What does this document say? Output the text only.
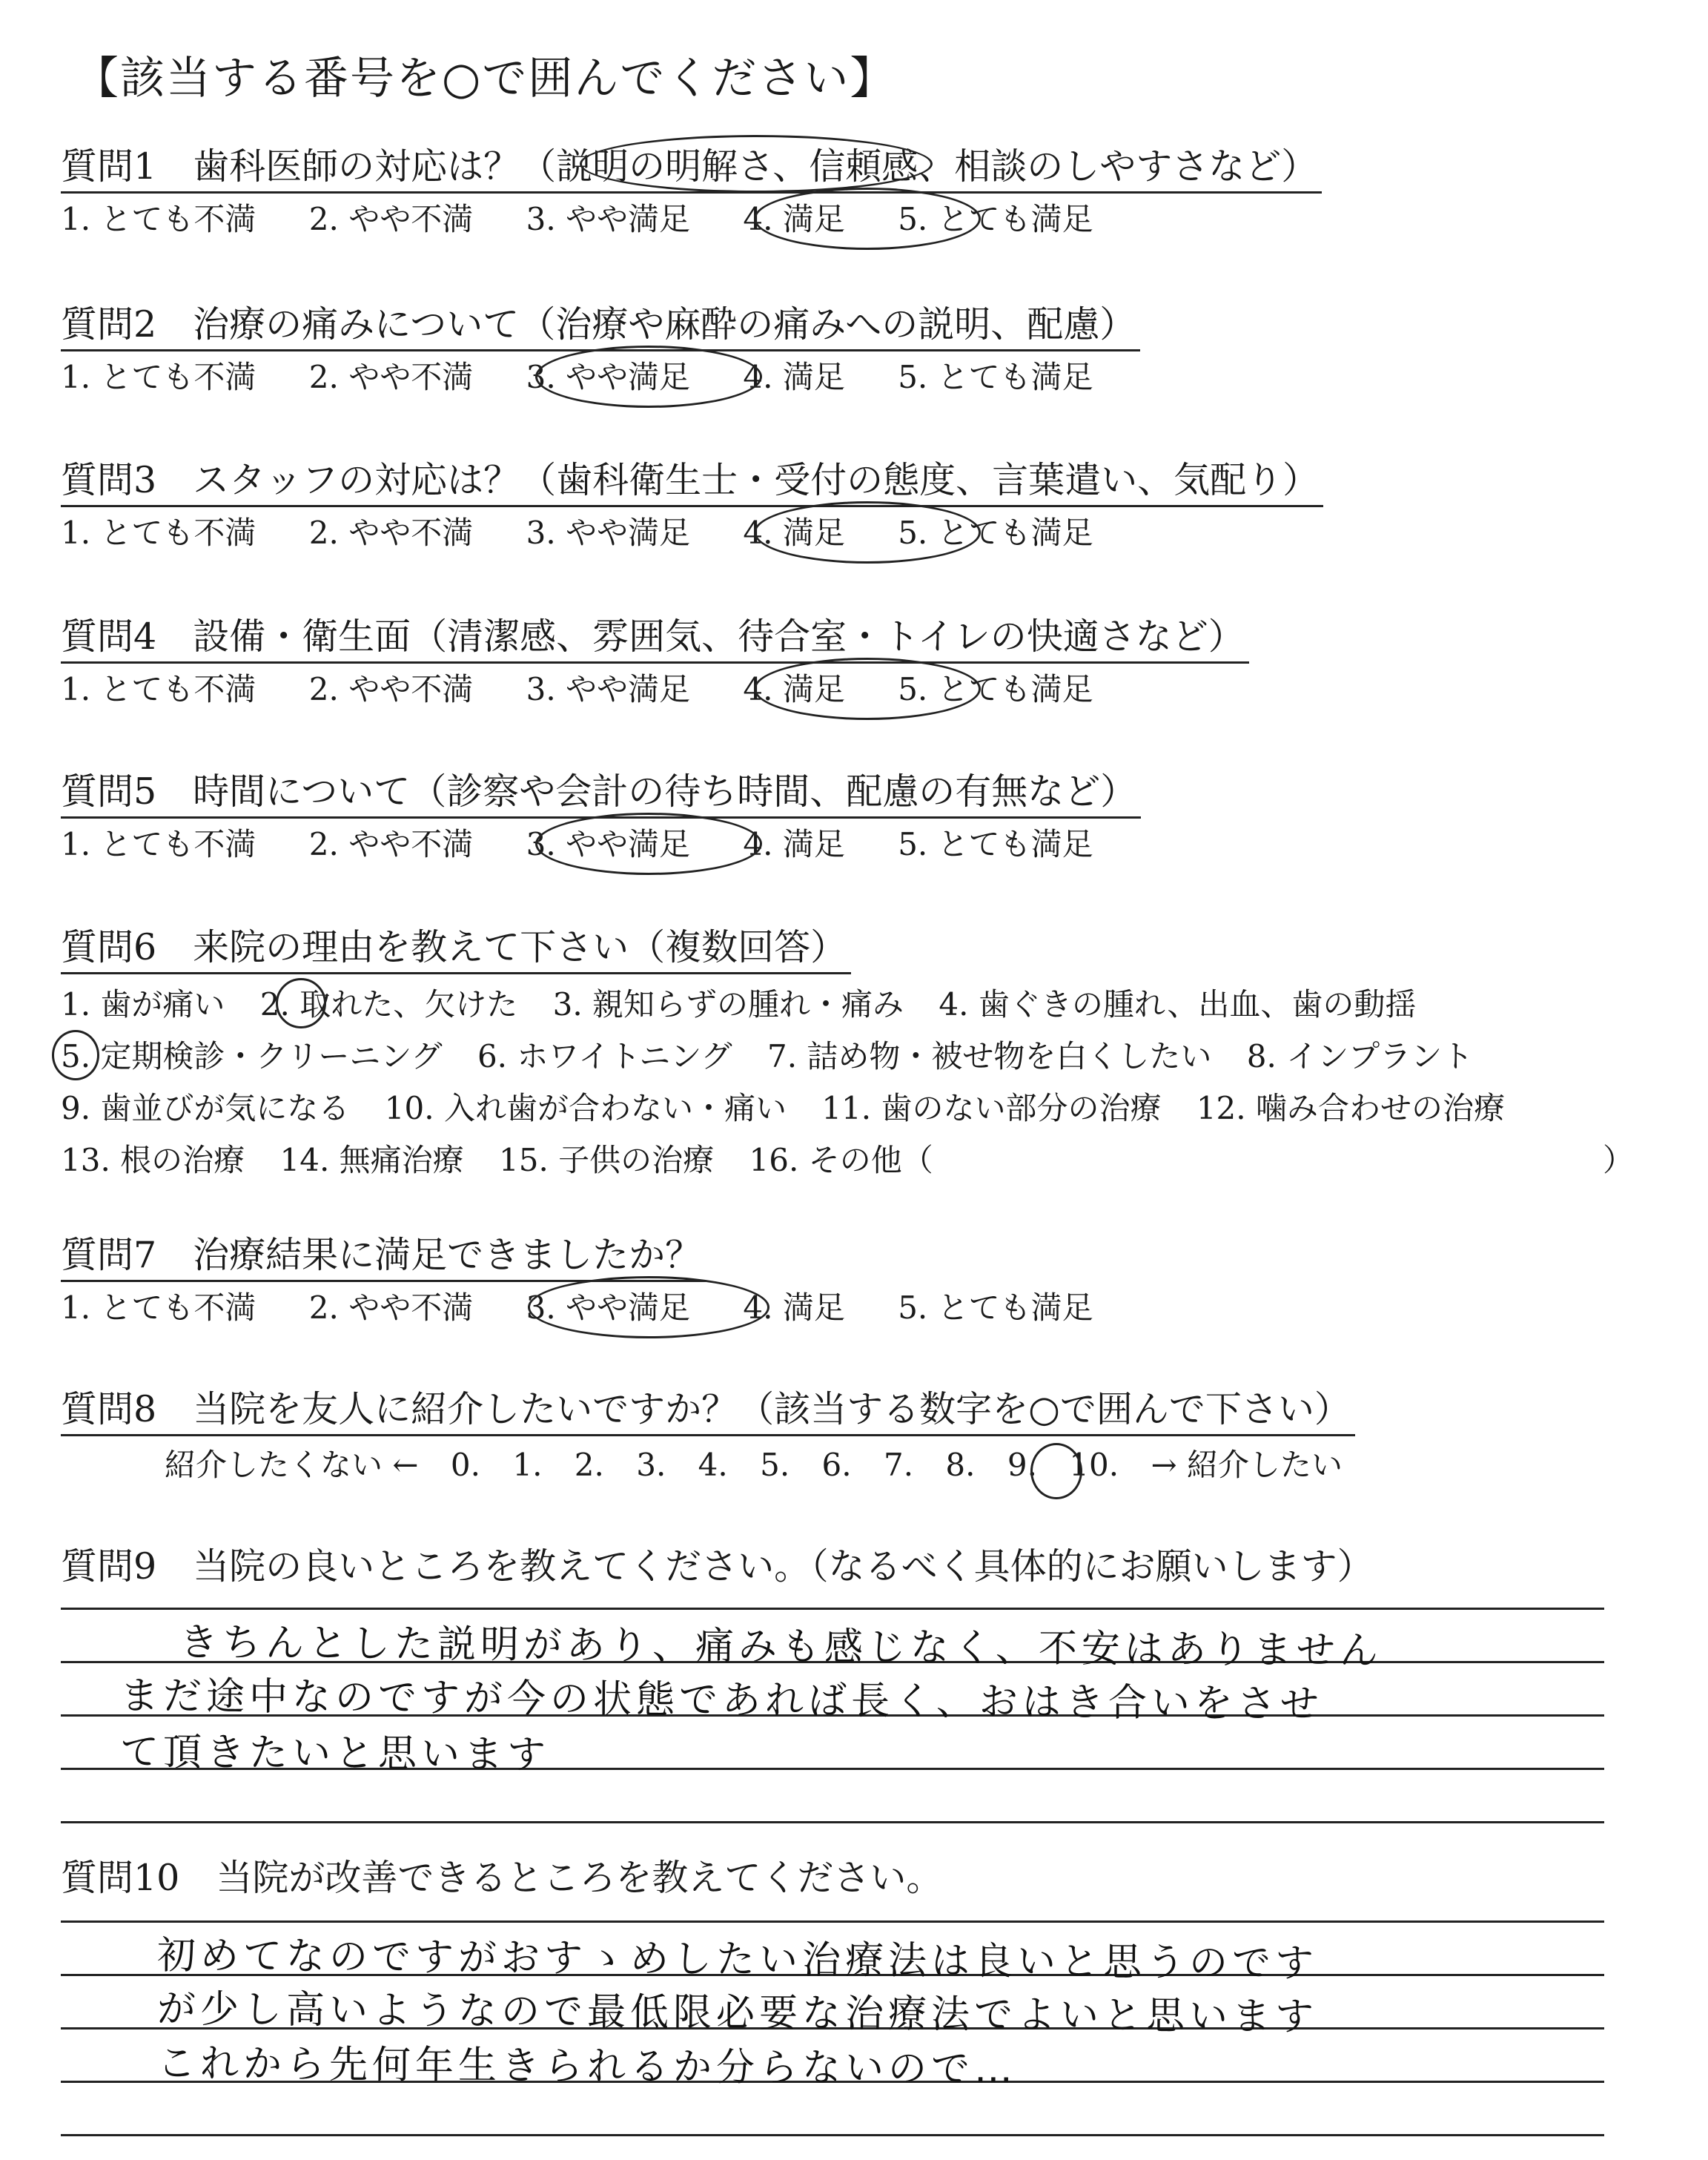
【該当する番号を○で囲んでください】
質問1　歯科医師の対応は？（説明の明解さ、信頼感、相談のしやすさなど）
1. とても不満 2. やや不満 3. やや満足 4. 満足 5. とても満足
質問2　治療の痛みについて（治療や麻酔の痛みへの説明、配慮）
1. とても不満 2. やや不満 3. やや満足 4. 満足 5. とても満足
質問3　スタッフの対応は？（歯科衛生士・受付の態度、言葉遣い、気配り）
1. とても不満 2. やや不満 3. やや満足 4. 満足 5. とても満足
質問4　設備・衛生面（清潔感、雰囲気、待合室・トイレの快適さなど）
1. とても不満 2. やや不満 3. やや満足 4. 満足 5. とても満足
質問5　時間について（診察や会計の待ち時間、配慮の有無など）
1. とても不満 2. やや不満 3. やや満足 4. 満足 5. とても満足
質問6　来院の理由を教えて下さい（複数回答）
1. 歯が痛い 2. 取れた、欠けた 3. 親知らずの腫れ・痛み 4. 歯ぐきの腫れ、出血、歯の動揺
5. 定期検診・クリーニング 6. ホワイトニング 7. 詰め物・被せ物を白くしたい 8. インプラント
9. 歯並びが気になる 10. 入れ歯が合わない・痛い 11. 歯のない部分の治療 12. 噛み合わせの治療
13. 根の治療 14. 無痛治療 15. 子供の治療 16. その他（	）
質問7　治療結果に満足できましたか？
1. とても不満 2. やや不満 3. やや満足 4. 満足 5. とても満足
質問8　当院を友人に紹介したいですか？（該当する数字を○で囲んで下さい）
紹介したくない ← 0. 1. 2. 3. 4. 5. 6. 7. 8. 9. 10. → 紹介したい
質問9　当院の良いところを教えてください。（なるべく具体的にお願いします）
きちんとした説明があり、痛みも感じなく、不安はありません
まだ途中なのですが今の状態であれば長く、おはき合いをさせ
て頂きたいと思います
質問10　当院が改善できるところを教えてください。
初めてなのですがおすゝめしたい治療法は良いと思うのです
が少し高いようなので最低限必要な治療法でよいと思います
これから先何年生きられるか分らないので…
